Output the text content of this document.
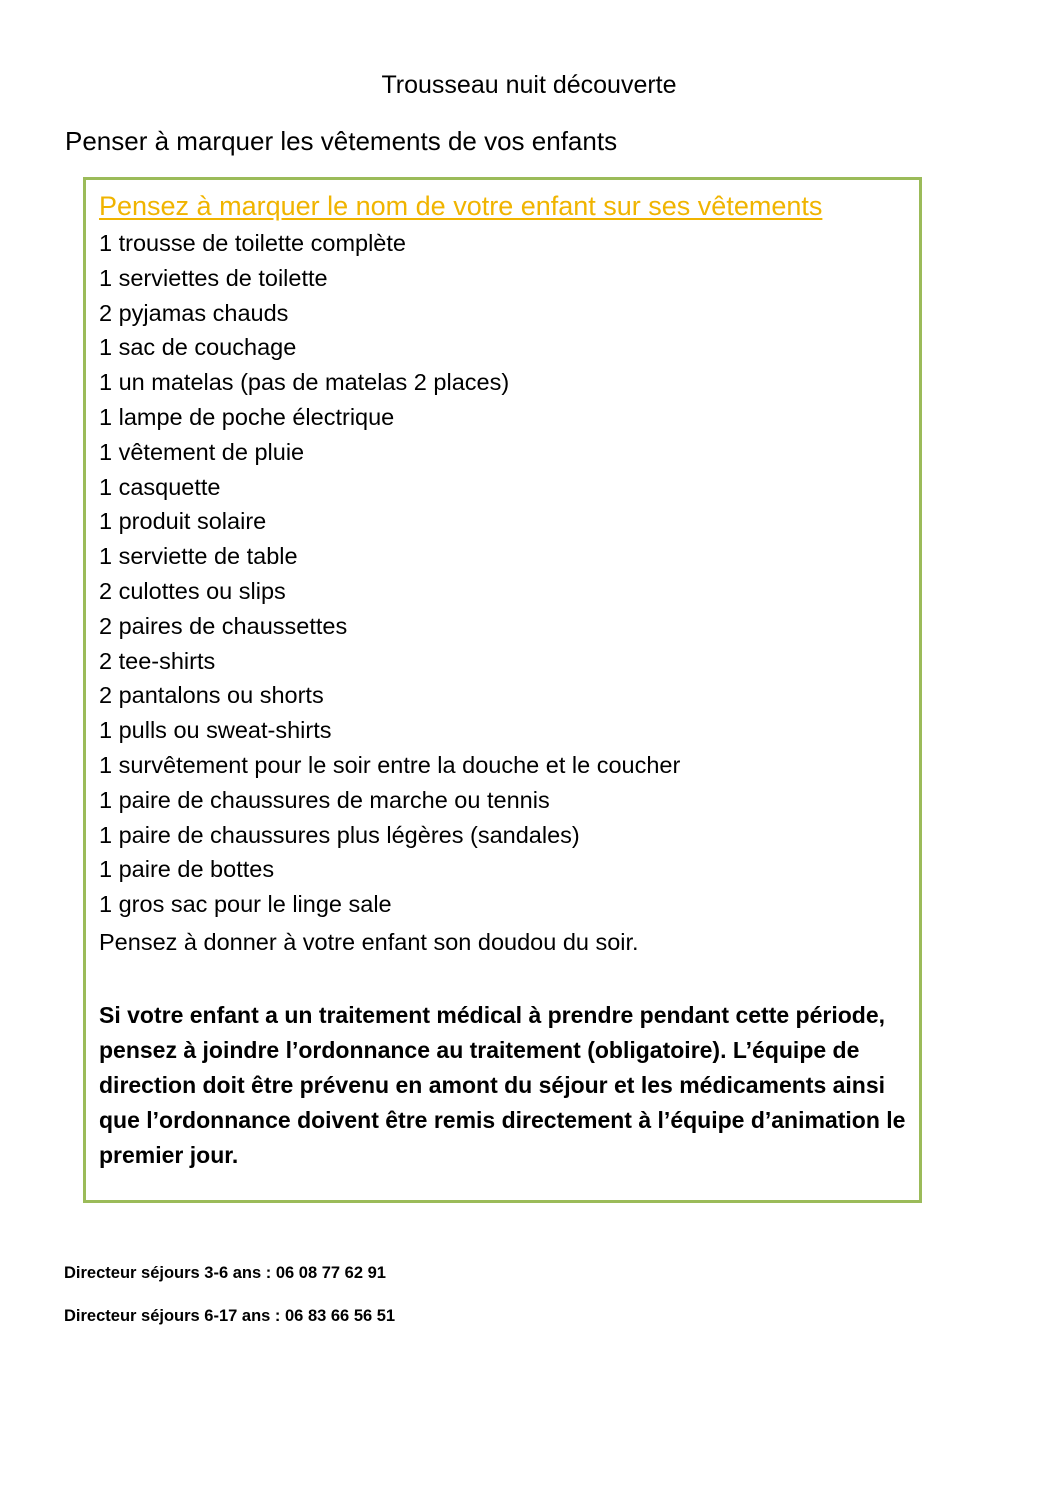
Trousseau nuit découverte
Penser à marquer les vêtements de vos enfants
Pensez à marquer le nom de votre enfant sur ses vêtements
1 trousse de toilette complète
1 serviettes de toilette
2 pyjamas chauds
1 sac de couchage
1 un matelas (pas de matelas 2 places)
1 lampe de poche électrique
1 vêtement de pluie
1 casquette
1 produit solaire
1 serviette de table
2 culottes ou slips
2 paires de chaussettes
2 tee-shirts
2 pantalons ou shorts
1 pulls ou sweat-shirts
1 survêtement pour le soir entre la douche et le coucher
1 paire de chaussures de marche ou tennis
1 paire de chaussures plus légères (sandales)
1 paire de bottes
1 gros sac pour le linge sale
Pensez à donner à votre enfant son doudou du soir.
Si votre enfant a un traitement médical à prendre pendant cette période, pensez à joindre l’ordonnance au traitement (obligatoire). L’équipe de direction doit être prévenu en amont du séjour et les médicaments ainsi que l’ordonnance doivent être remis directement à l’équipe d’animation le premier jour.
Directeur séjours 3-6 ans : 06 08 77 62 91
Directeur séjours 6-17 ans : 06 83 66 56 51
